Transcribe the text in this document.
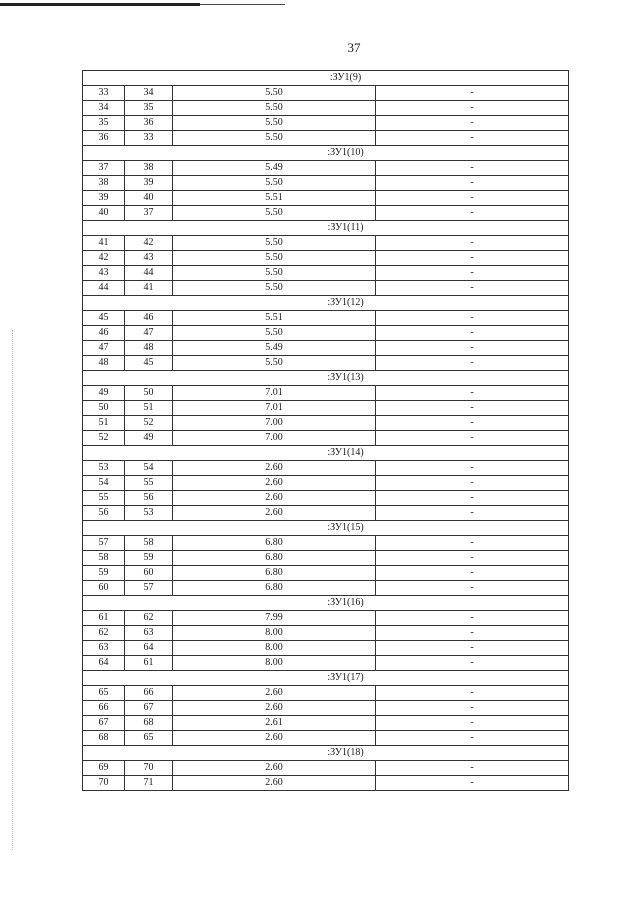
37
:ЗУ1(9)			
33	34	5.50	-
34	35	5.50	-
35	36	5.50	-
36	33	5.50	-
:ЗУ1(10)			
37	38	5.49	-
38	39	5.50	-
39	40	5.51	-
40	37	5.50	-
:ЗУ1(11)			
41	42	5.50	-
42	43	5.50	-
43	44	5.50	-
44	41	5.50	-
:ЗУ1(12)			
45	46	5.51	-
46	47	5.50	-
47	48	5.49	-
48	45	5.50	-
:ЗУ1(13)			
49	50	7.01	-
50	51	7.01	-
51	52	7.00	-
52	49	7.00	-
:ЗУ1(14)			
53	54	2.60	-
54	55	2.60	-
55	56	2.60	-
56	53	2.60	-
:ЗУ1(15)			
57	58	6.80	-
58	59	6.80	-
59	60	6.80	-
60	57	6.80	-
:ЗУ1(16)			
61	62	7.99	-
62	63	8.00	-
63	64	8.00	-
64	61	8.00	-
:ЗУ1(17)			
65	66	2.60	-
66	67	2.60	-
67	68	2.61	-
68	65	2.60	-
:ЗУ1(18)			
69	70	2.60	-
70	71	2.60	-
